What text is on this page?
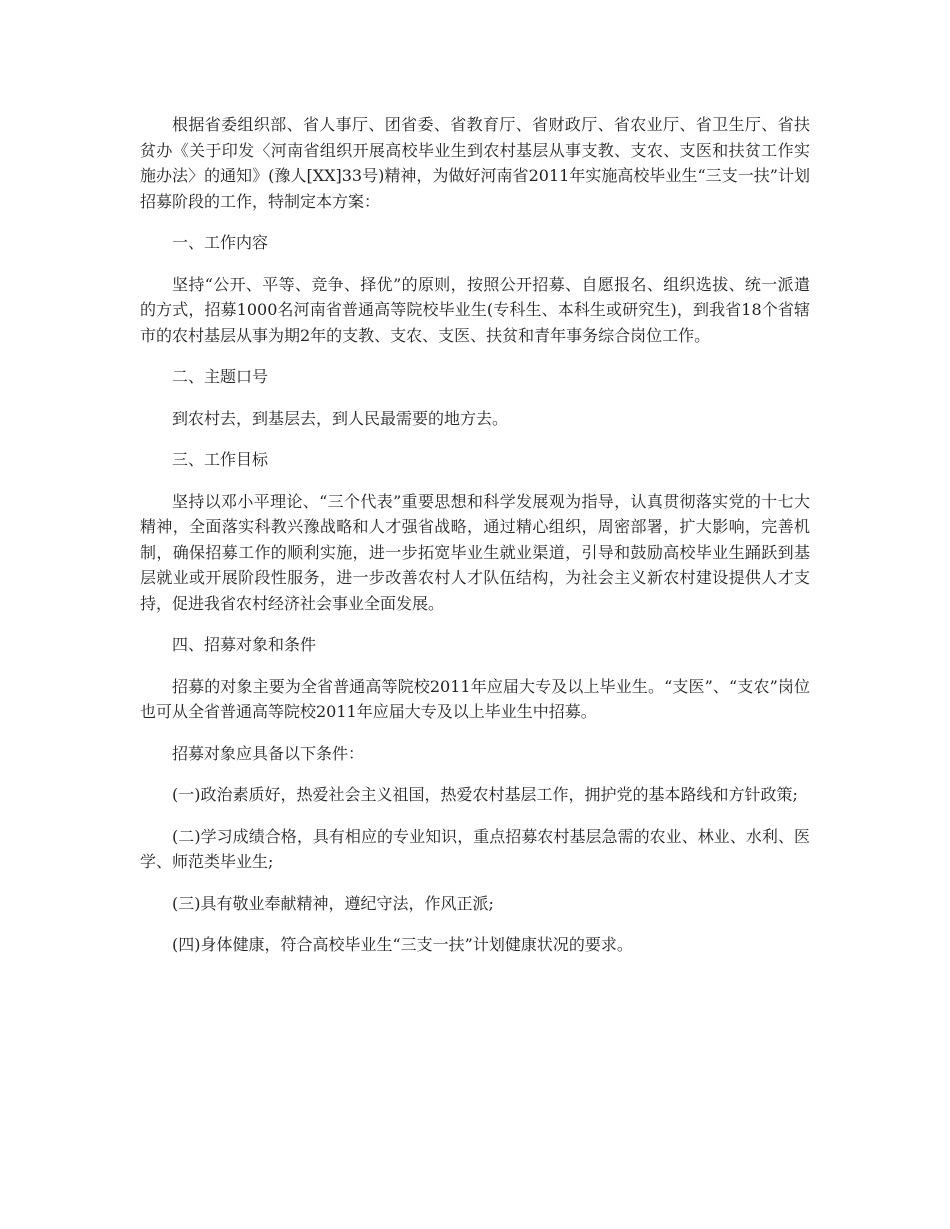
根据省委组织部、省人事厅、团省委、省教育厅、省财政厅、省农业厅、省卫生厅、省扶贫办《关于印发〈河南省组织开展高校毕业生到农村基层从事支教、支农、支医和扶贫工作实施办法〉的通知》(豫人[XX]33号)精神，为做好河南省2011年实施高校毕业生“三支一扶”计划招募阶段的工作，特制定本方案：

一、工作内容

坚持“公开、平等、竞争、择优”的原则，按照公开招募、自愿报名、组织选拔、统一派遣的方式，招募1000名河南省普通高等院校毕业生(专科生、本科生或研究生)，到我省18个省辖市的农村基层从事为期2年的支教、支农、支医、扶贫和青年事务综合岗位工作。

二、主题口号

到农村去，到基层去，到人民最需要的地方去。

三、工作目标

坚持以邓小平理论、“三个代表”重要思想和科学发展观为指导，认真贯彻落实党的十七大精神，全面落实科教兴豫战略和人才强省战略，通过精心组织，周密部署，扩大影响，完善机制，确保招募工作的顺利实施，进一步拓宽毕业生就业渠道，引导和鼓励高校毕业生踊跃到基层就业或开展阶段性服务，进一步改善农村人才队伍结构，为社会主义新农村建设提供人才支持，促进我省农村经济社会事业全面发展。

四、招募对象和条件

招募的对象主要为全省普通高等院校2011年应届大专及以上毕业生。“支医”、“支农”岗位也可从全省普通高等院校2011年应届大专及以上毕业生中招募。

招募对象应具备以下条件：

(一)政治素质好，热爱社会主义祖国，热爱农村基层工作，拥护党的基本路线和方针政策;

(二)学习成绩合格，具有相应的专业知识，重点招募农村基层急需的农业、林业、水利、医学、师范类毕业生;

(三)具有敬业奉献精神，遵纪守法，作风正派;

(四)身体健康，符合高校毕业生“三支一扶”计划健康状况的要求。
